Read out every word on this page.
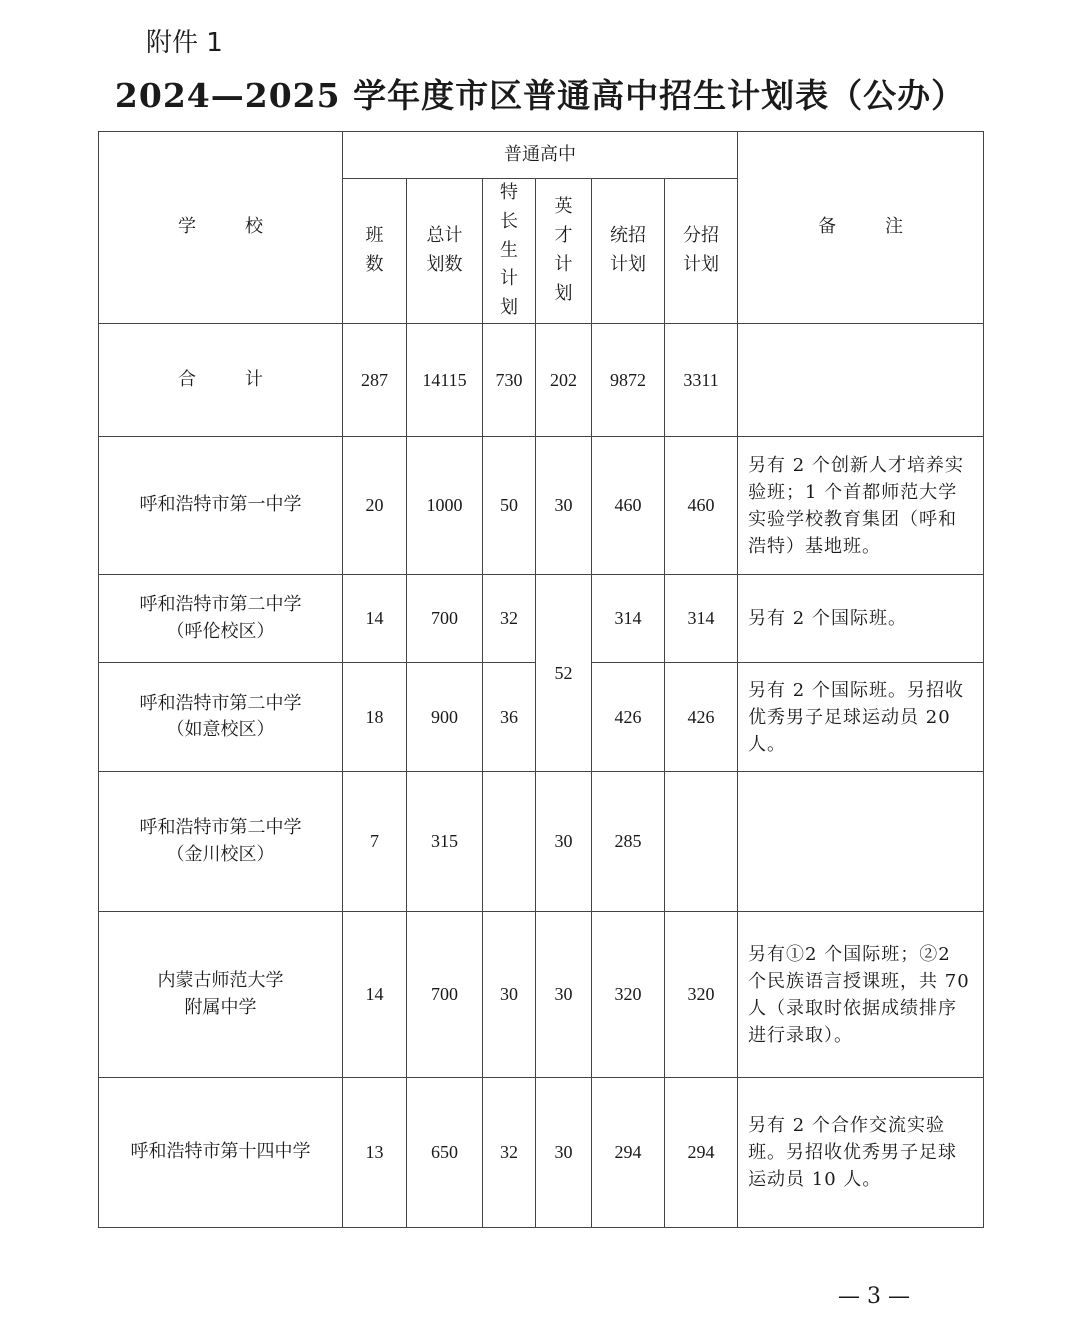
附件 1
2024—2025 学年度市区普通高中招生计划表（公办）
学 校	普通高中						备 注
	班数	总计划数	特长生计划	英才计划	统招计划	分招计划	
合 计	287	14115	730	202	9872	3311	
呼和浩特市第一中学	20	1000	50	30	460	460	另有 2 个创新人才培养实验班；1 个首都师范大学实验学校教育集团（呼和浩特）基地班。
呼和浩特市第二中学
（呼伦校区）	14	700	32	52	314	314	另有 2 个国际班。
呼和浩特市第二中学
（如意校区）	18	900	36		426	426	另有 2 个国际班。另招收优秀男子足球运动员 20 人。
呼和浩特市第二中学
（金川校区）	7	315		30	285		
内蒙古师范大学
附属中学	14	700	30	30	320	320	另有①2 个国际班；②2 个民族语言授课班，共 70 人（录取时依据成绩排序进行录取）。
呼和浩特市第十四中学	13	650	32	30	294	294	另有 2 个合作交流实验班。另招收优秀男子足球运动员 10 人。
— 3 —
